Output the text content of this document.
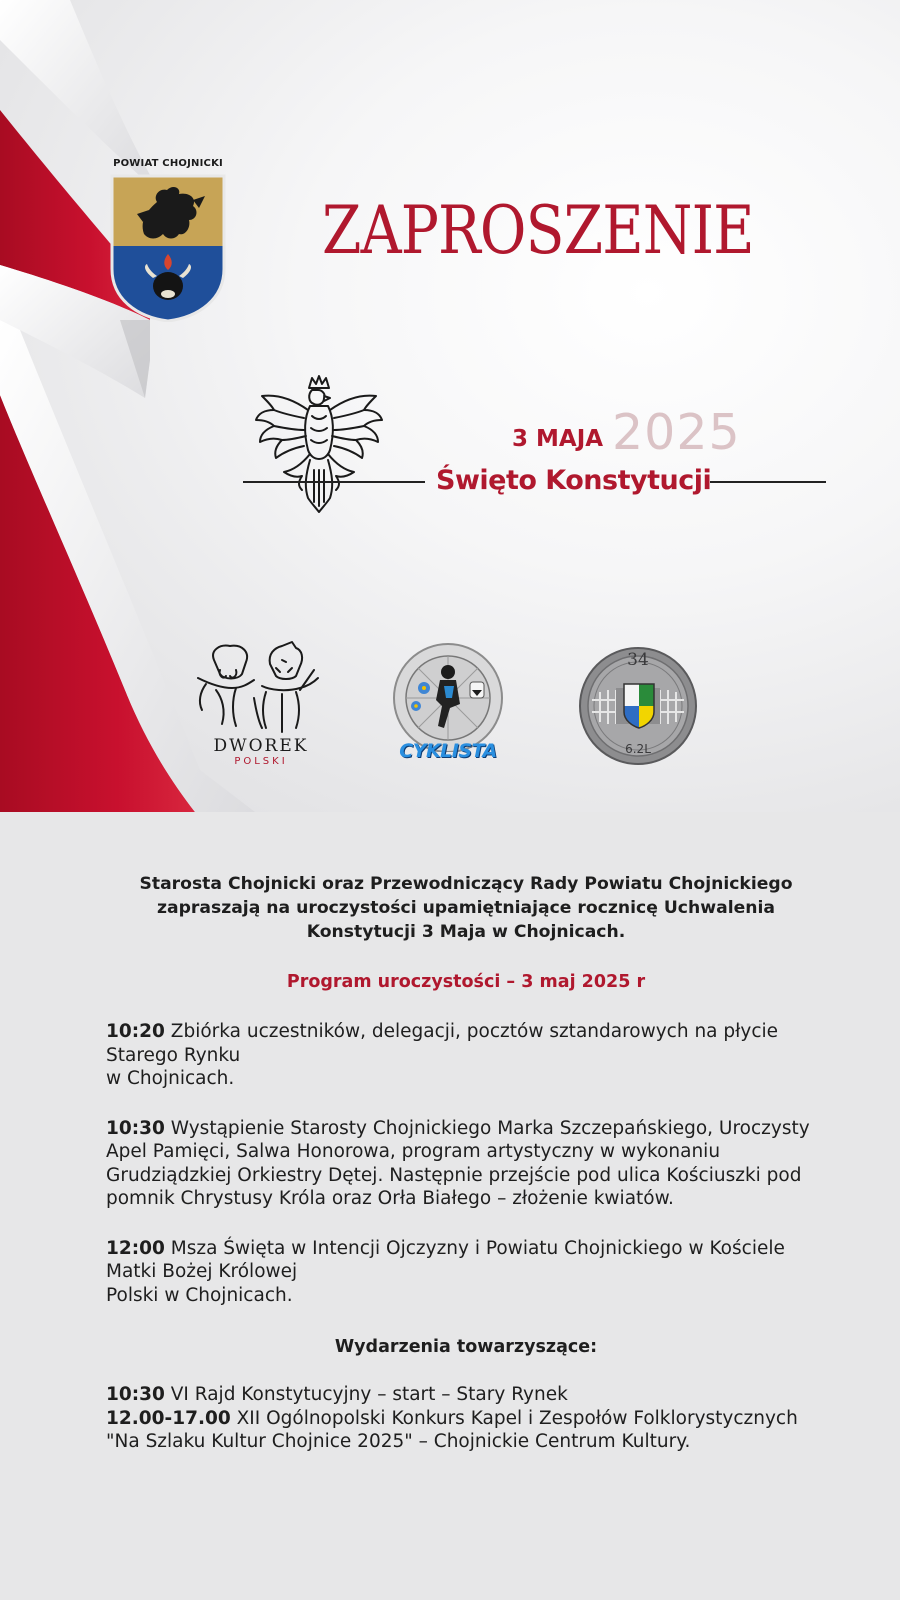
POWIAT CHOJNICKI
ZAPROSZENIE
3 MAJA 2025
Święto Konstytucji
DWOREK
POLSKI	CYKLISTA
34
6.2L

Starosta Chojnicki oraz Przewodniczący Rady Powiatu Chojnickiego zapraszają na uroczystości upamiętniające rocznicę Uchwalenia Konstytucji 3 Maja w Chojnicach.

Program uroczystości – 3 maj 2025 r

10:20 Zbiórka uczestników, delegacji, pocztów sztandarowych na płycie Starego Rynku
w Chojnicach.

10:30 Wystąpienie Starosty Chojnickiego Marka Szczepańskiego, Uroczysty Apel Pamięci, Salwa Honorowa, program artystyczny w wykonaniu Grudziądzkiej Orkiestry Dętej. Następnie przejście pod ulica Kościuszki pod pomnik Chrystusy Króla oraz Orła Białego – złożenie kwiatów.

12:00 Msza Święta w Intencji Ojczyzny i Powiatu Chojnickiego w Kościele Matki Bożej Królowej
Polski w Chojnicach.

Wydarzenia towarzyszące:

10:30 VI Rajd Konstytucyjny – start – Stary Rynek
12.00-17.00 XII Ogólnopolski Konkurs Kapel i Zespołów Folklorystycznych "Na Szlaku Kultur Chojnice 2025" – Chojnickie Centrum Kultury.
